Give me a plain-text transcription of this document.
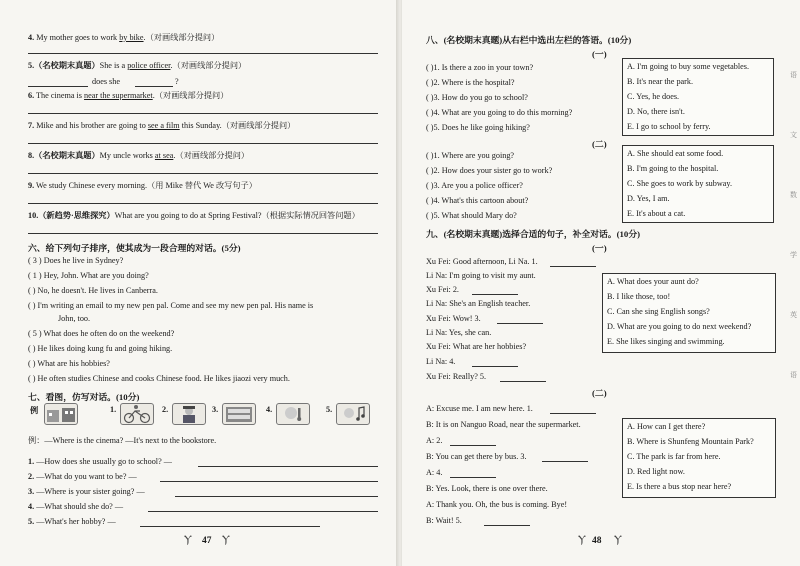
4. My mother goes to work by bike.（对画线部分提问）
5.（名校期末真题）She is a police officer.（对画线部分提问）
does she	?
6. The cinema is near the supermarket.（对画线部分提问）
7. Mike and his brother are going to see a film this Sunday.（对画线部分提问）
8.（名校期末真题）My uncle works at sea.（对画线部分提问）
9. We study Chinese every morning.（用 Mike 替代 We 改写句子）
10.（新趋势·思维探究）What are you going to do at Spring Festival?（根据实际情况回答问题）
六、给下列句子排序，使其成为一段合理的对话。(5分)
( 3 ) Does he live in Sydney?
( 1 ) Hey, John. What are you doing?
( ) No, he doesn't. He lives in Canberra.
( ) I'm writing an email to my new pen pal. Come and see my new pen pal. His name is
John, too.
( 5 ) What does he often do on the weekend?
( ) He likes doing kung fu and going hiking.
( ) What are his hobbies?
( ) He often studies Chinese and cooks Chinese food. He likes jiaozi very much.
七、看图，仿写对话。(10分)
例	1.	2.	3.	4.	5.
例：—Where is the cinema? —It's next to the bookstore.
1. —How does she usually go to school? —
2. —What do you want to be? —
3. —Where is your sister going? —
4. —What should she do? —
5. —What's her hobby? —
Ⲩ 47 Ⲩ
八、(名校期末真题)从右栏中选出左栏的答语。(10分)
(一)
( )1. Is there a zoo in your town?
( )2. Where is the hospital?
( )3. How do you go to school?
( )4. What are you going to do this morning?
( )5. Does he like going hiking?
A. I'm going to buy some vegetables.
B. It's near the park.
C. Yes, he does.
D. No, there isn't.
E. I go to school by ferry.
(二)
( )1. Where are you going?
( )2. How does your sister go to work?
( )3. Are you a police officer?
( )4. What's this cartoon about?
( )5. What should Mary do?
A. She should eat some food.
B. I'm going to the hospital.
C. She goes to work by subway.
D. Yes, I am.
E. It's about a cat.
九、(名校期末真题)选择合适的句子，补全对话。(10分)
(一)
Xu Fei: Good afternoon, Li Na. 1.
Li Na: I'm going to visit my aunt.
Xu Fei: 2.
Li Na: She's an English teacher.
Xu Fei: Wow! 3.
Li Na: Yes, she can.
Xu Fei: What are her hobbies?
Li Na: 4.
Xu Fei: Really? 5.
A. What does your aunt do?
B. I like those, too!
C. Can she sing English songs?
D. What are you going to do next weekend?
E. She likes singing and swimming.
(二)
A: Excuse me. I am new here. 1.
B: It is on Nanguo Road, near the supermarket.
A: 2.
B: You can get there by bus. 3.
A: 4.
B: Yes. Look, there is one over there.
A: Thank you. Oh, the bus is coming. Bye!
B: Wait! 5.
A. How can I get there?
B. Where is Shunfeng Mountain Park?
C. The park is far from here.
D. Red light now.
E. Is there a bus stop near here?
Ⲩ 48 Ⲩ
语
文
数
学
英
语
